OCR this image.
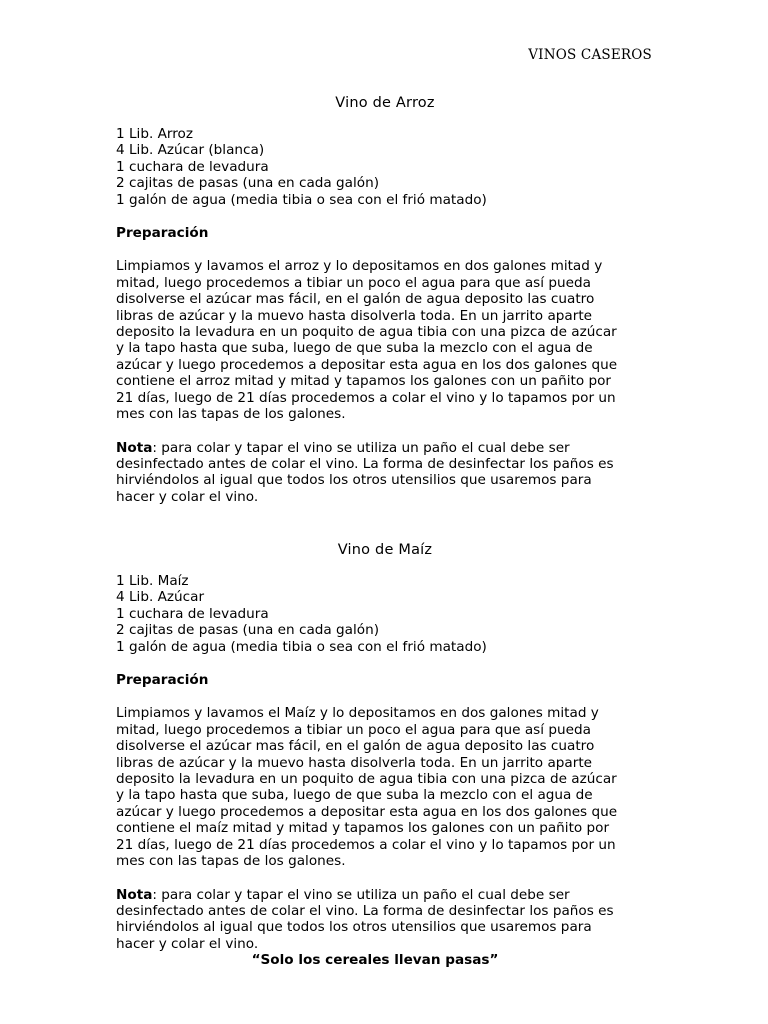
VINOS CASEROS
Vino de Arroz
1 Lib. Arroz
4 Lib. Azúcar (blanca)
1 cuchara de levadura
2 cajitas de pasas (una en cada galón)
1 galón de agua (media tibia o sea con el frió matado)
Preparación
Limpiamos y lavamos el arroz y lo depositamos en dos galones mitad y
mitad, luego procedemos a tibiar un poco el agua para que así pueda
disolverse el azúcar mas fácil, en el galón de agua deposito las cuatro
libras de azúcar y la muevo hasta disolverla toda. En un jarrito aparte
deposito la levadura en un poquito de agua tibia con una pizca de azúcar
y la tapo hasta que suba, luego de que suba la mezclo con el agua de
azúcar y luego procedemos a depositar esta agua en los dos galones que
contiene el arroz mitad y mitad y tapamos los galones con un pañito por
21 días, luego de 21 días procedemos a colar el vino y lo tapamos por un
mes con las tapas de los galones.
Nota: para colar y tapar el vino se utiliza un paño el cual debe ser
desinfectado antes de colar el vino. La forma de desinfectar los paños es
hirviéndolos al igual que todos los otros utensilios que usaremos para
hacer y colar el vino.
Vino de Maíz
1 Lib. Maíz
4 Lib. Azúcar
1 cuchara de levadura
2 cajitas de pasas (una en cada galón)
1 galón de agua (media tibia o sea con el frió matado)
Preparación
Limpiamos y lavamos el Maíz y lo depositamos en dos galones mitad y
mitad, luego procedemos a tibiar un poco el agua para que así pueda
disolverse el azúcar mas fácil, en el galón de agua deposito las cuatro
libras de azúcar y la muevo hasta disolverla toda. En un jarrito aparte
deposito la levadura en un poquito de agua tibia con una pizca de azúcar
y la tapo hasta que suba, luego de que suba la mezclo con el agua de
azúcar y luego procedemos a depositar esta agua en los dos galones que
contiene el maíz mitad y mitad y tapamos los galones con un pañito por
21 días, luego de 21 días procedemos a colar el vino y lo tapamos por un
mes con las tapas de los galones.
Nota: para colar y tapar el vino se utiliza un paño el cual debe ser
desinfectado antes de colar el vino. La forma de desinfectar los paños es
hirviéndolos al igual que todos los otros utensilios que usaremos para
hacer y colar el vino.
“Solo los cereales llevan pasas”
